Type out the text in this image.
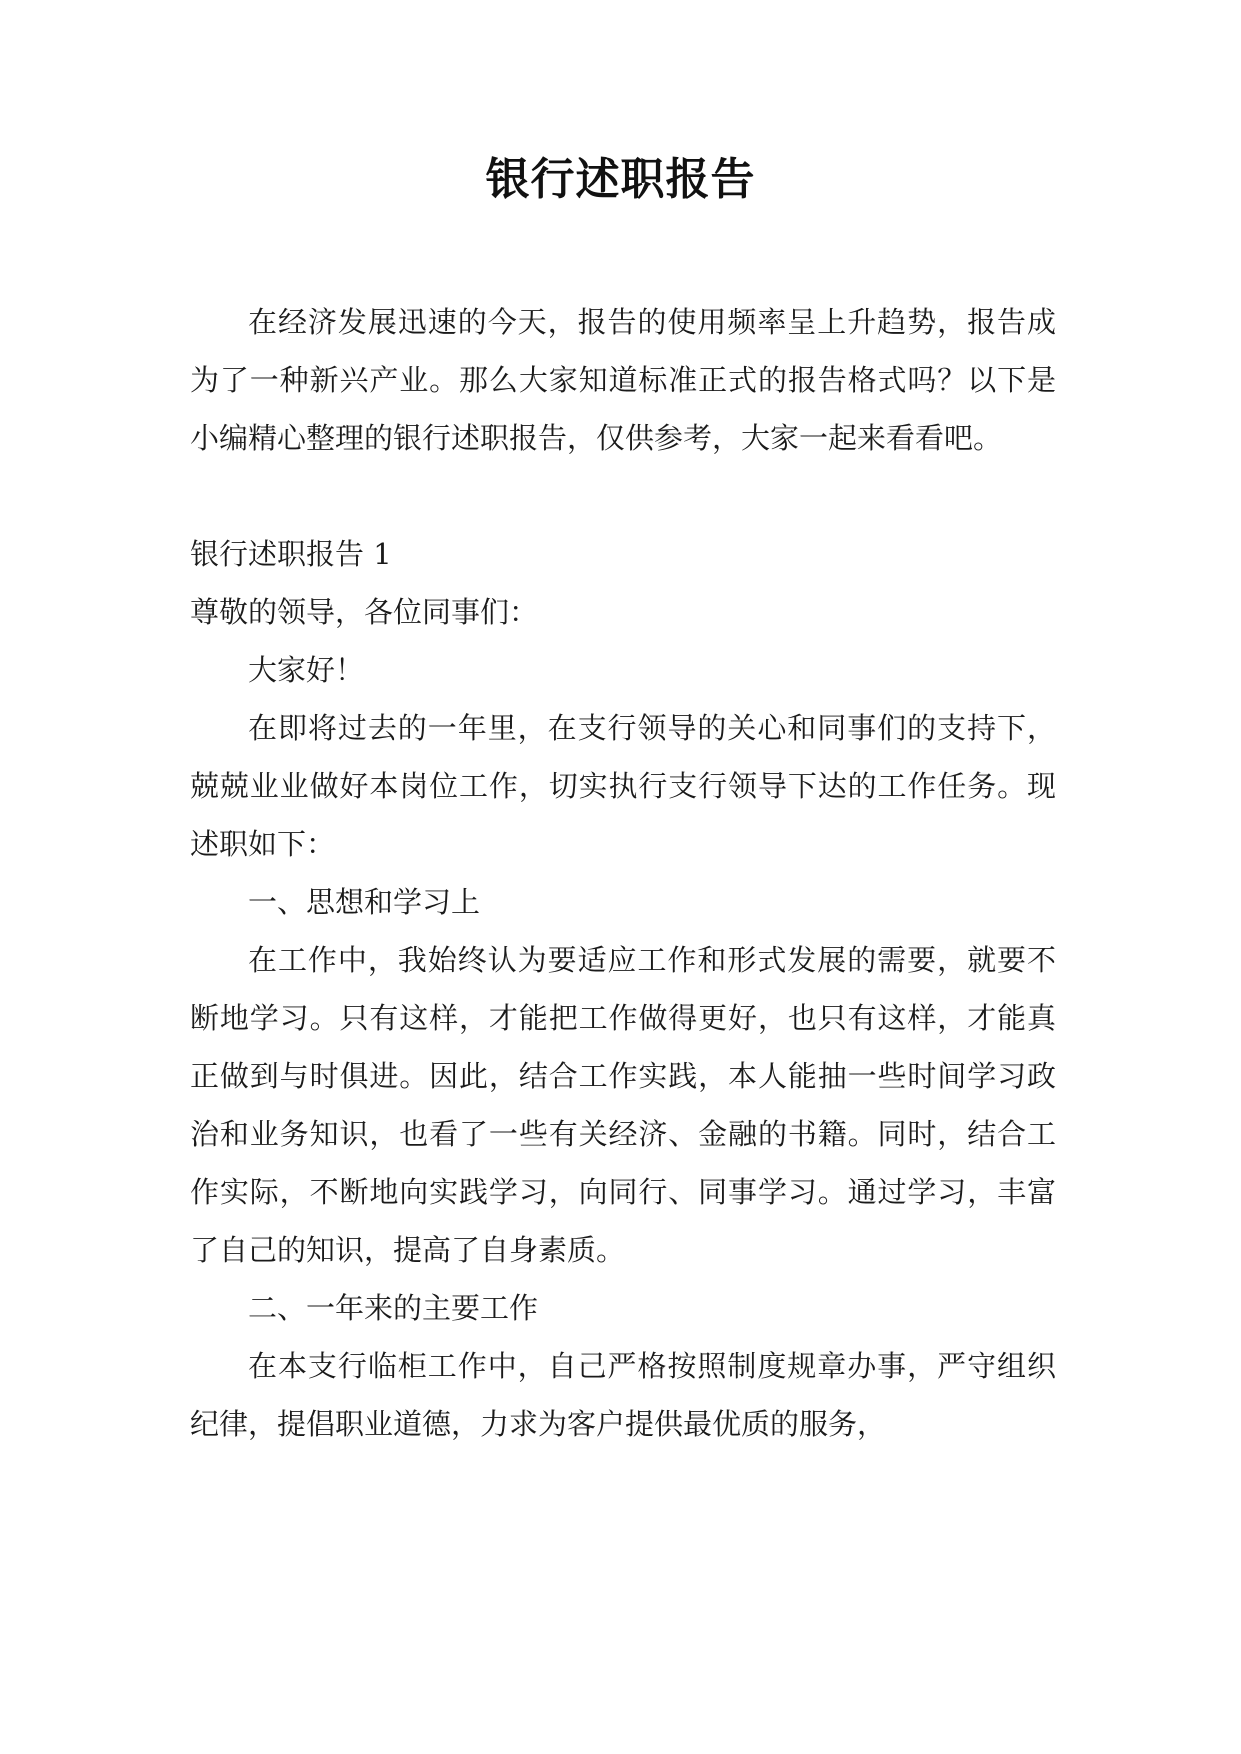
银行述职报告

在经济发展迅速的今天，报告的使用频率呈上升趋势，报告成为了一种新兴产业。那么大家知道标准正式的报告格式吗？以下是小编精心整理的银行述职报告，仅供参考，大家一起来看看吧。

银行述职报告 1

尊敬的领导，各位同事们：

大家好！

在即将过去的一年里，在支行领导的关心和同事们的支持下，兢兢业业做好本岗位工作，切实执行支行领导下达的工作任务。现述职如下：

一、思想和学习上

在工作中，我始终认为要适应工作和形式发展的需要，就要不断地学习。只有这样，才能把工作做得更好，也只有这样，才能真正做到与时俱进。因此，结合工作实践，本人能抽一些时间学习政治和业务知识，也看了一些有关经济、金融的书籍。同时，结合工作实际，不断地向实践学习，向同行、同事学习。通过学习，丰富了自己的知识，提高了自身素质。

二、一年来的主要工作

在本支行临柜工作中，自己严格按照制度规章办事，严守组织纪律，提倡职业道德，力求为客户提供最优质的服务，
